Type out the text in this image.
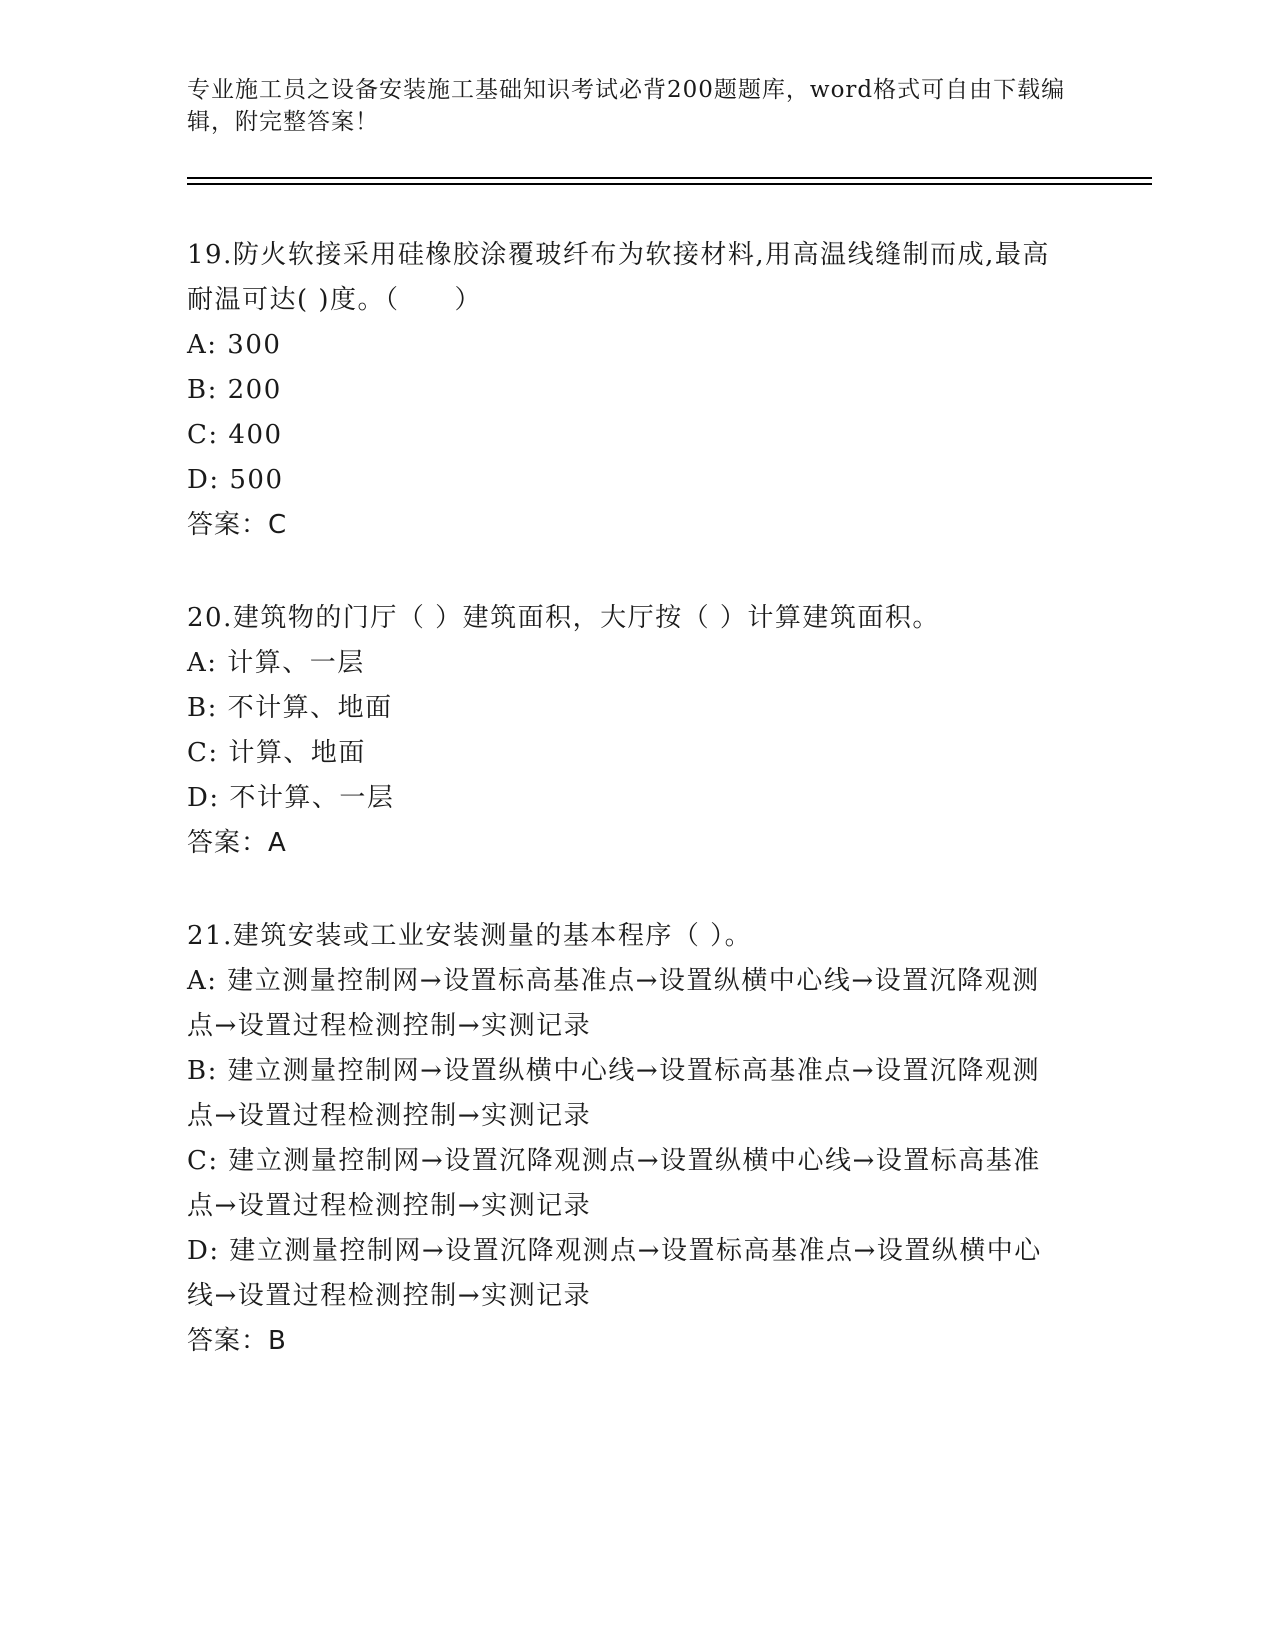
专业施工员之设备安装施工基础知识考试必背200题题库，word格式可自由下载编辑，附完整答案！
19.防火软接采用硅橡胶涂覆玻纤布为软接材料,用高温线缝制而成,最高耐温可达( )度。（　　）
A: 300
B: 200
C: 400
D: 500
答案：C
20.建筑物的门厅（ ）建筑面积，大厅按（ ）计算建筑面积。
A: 计算、一层
B: 不计算、地面
C: 计算、地面
D: 不计算、一层
答案：A
21.建筑安装或工业安装测量的基本程序（ ）。
A: 建立测量控制网→设置标高基准点→设置纵横中心线→设置沉降观测点→设置过程检测控制→实测记录
B: 建立测量控制网→设置纵横中心线→设置标高基准点→设置沉降观测点→设置过程检测控制→实测记录
C: 建立测量控制网→设置沉降观测点→设置纵横中心线→设置标高基准点→设置过程检测控制→实测记录
D: 建立测量控制网→设置沉降观测点→设置标高基准点→设置纵横中心线→设置过程检测控制→实测记录
答案：B
